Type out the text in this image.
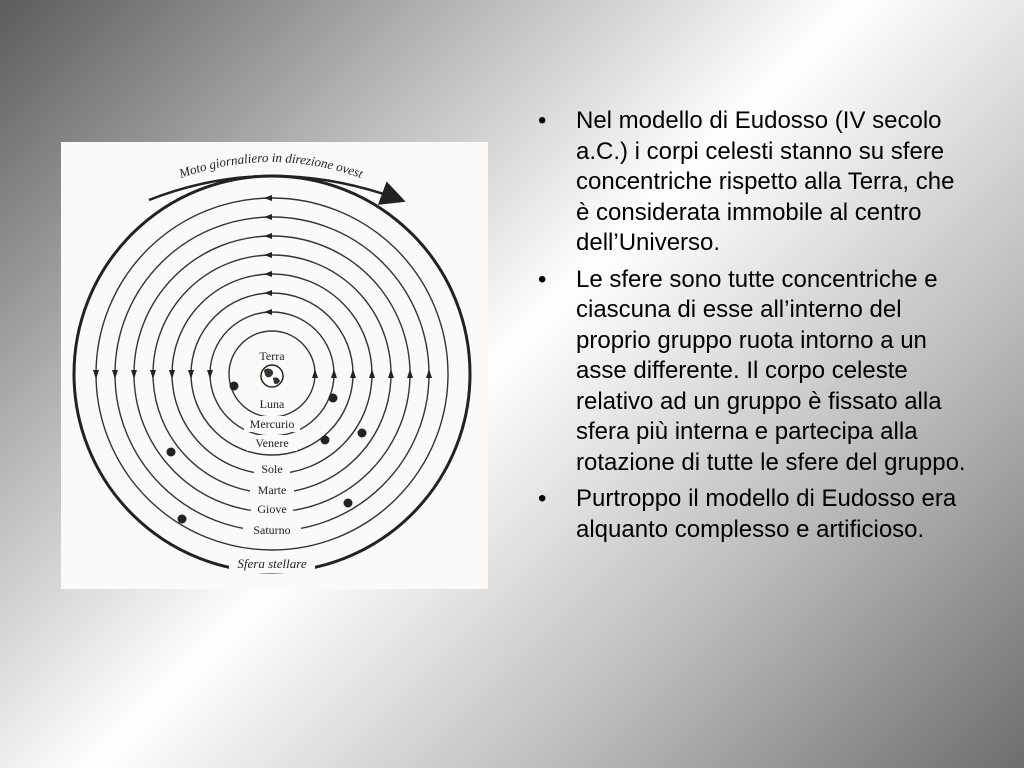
Moto giornaliero in direzione ovest
Terra
Luna
Mercurio
Venere
Sole
Marte
Giove
Saturno
Sfera stellare
• Nel modello di Eudosso (IV secolo a.C.) i corpi celesti stanno su sfere concentriche rispetto alla Terra, che è considerata immobile al centro dell’Universo.
• Le sfere sono tutte concentriche e ciascuna di esse all’interno del proprio gruppo ruota intorno a un asse differente. Il corpo celeste relativo ad un gruppo è fissato alla sfera più interna e partecipa alla rotazione di tutte le sfere del gruppo.
• Purtroppo il modello di Eudosso era alquanto complesso e artificioso.
